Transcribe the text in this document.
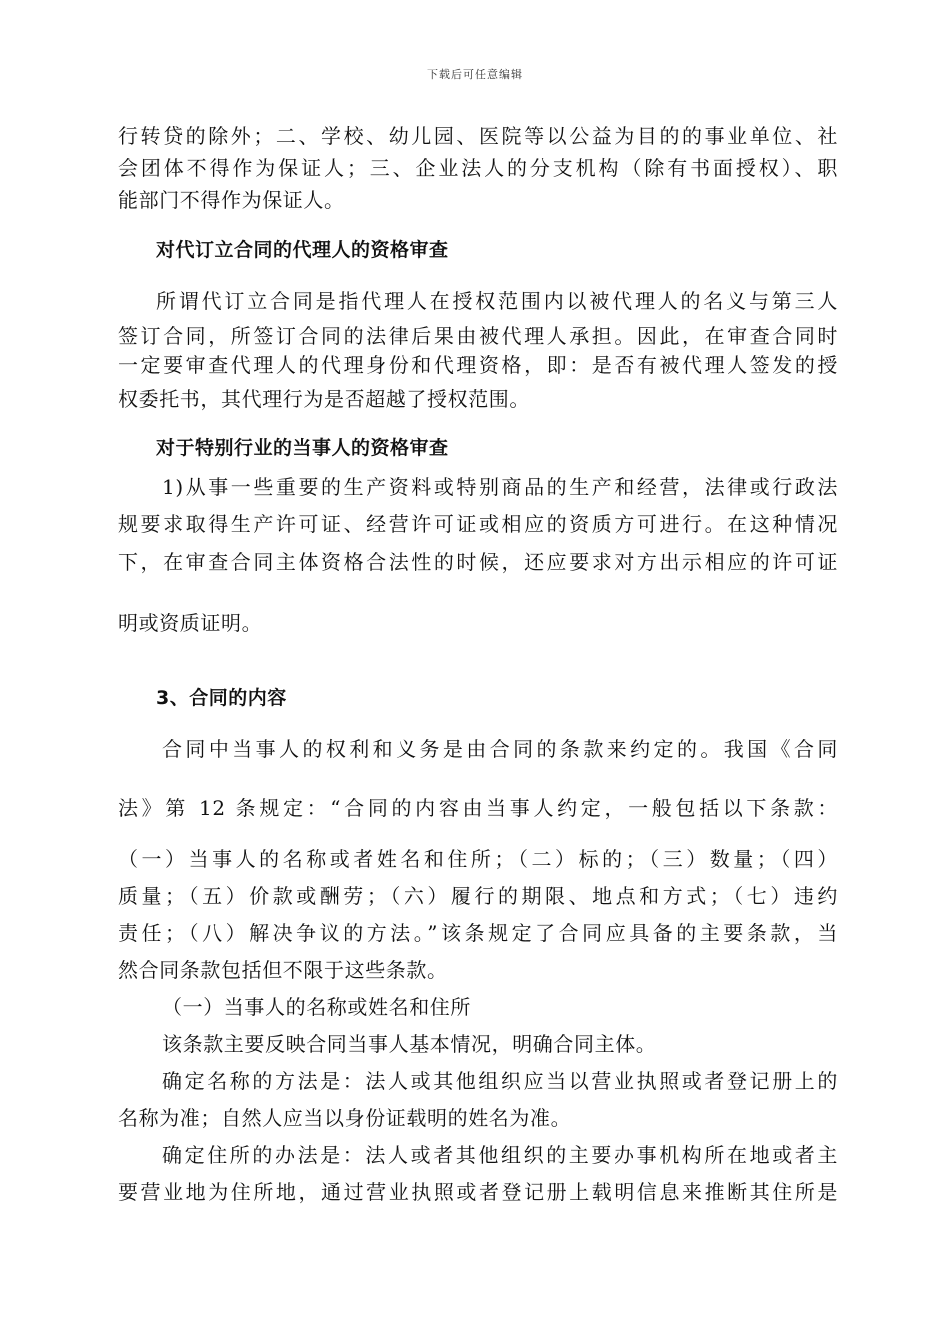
下载后可任意编辑
行转贷的除外；二、学校、幼儿园、医院等以公益为目的的事业单位、社
会团体不得作为保证人；三、企业法人的分支机构（除有书面授权）、职
能部门不得作为保证人。
对代订立合同的代理人的资格审查
所谓代订立合同是指代理人在授权范围内以被代理人的名义与第三人
签订合同，所签订合同的法律后果由被代理人承担。因此，在审查合同时
一定要审查代理人的代理身份和代理资格，即：是否有被代理人签发的授
权委托书，其代理行为是否超越了授权范围。
对于特别行业的当事人的资格审查
1)从事一些重要的生产资料或特别商品的生产和经营，法律或行政法
规要求取得生产许可证、经营许可证或相应的资质方可进行。在这种情况
下，在审查合同主体资格合法性的时候，还应要求对方出示相应的许可证
明或资质证明。
3、合同的内容
合同中当事人的权利和义务是由合同的条款来约定的。我国《合同
法》第 12 条规定：“合同的内容由当事人约定，一般包括以下条款：
（一）当事人的名称或者姓名和住所；（二）标的；（三）数量；（四）
质量；（五）价款或酬劳；（六）履行的期限、地点和方式；（七）违约
责任；（八）解决争议的方法。”该条规定了合同应具备的主要条款，当
然合同条款包括但不限于这些条款。
（一）当事人的名称或姓名和住所
该条款主要反映合同当事人基本情况，明确合同主体。
确定名称的方法是：法人或其他组织应当以营业执照或者登记册上的
名称为准；自然人应当以身份证载明的姓名为准。
确定住所的办法是：法人或者其他组织的主要办事机构所在地或者主
要营业地为住所地，通过营业执照或者登记册上载明信息来推断其住所是
